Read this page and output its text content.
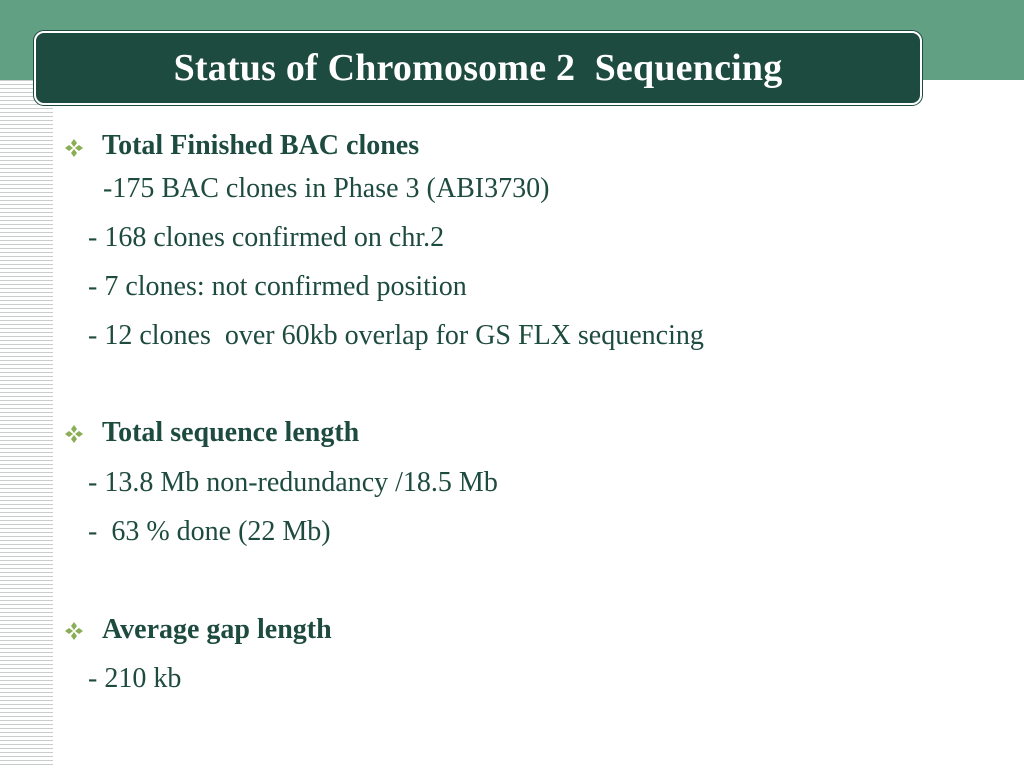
Status of Chromosome 2  Sequencing
Total Finished BAC clones
-175 BAC clones in Phase 3 (ABI3730)
- 168 clones confirmed on chr.2
- 7 clones: not confirmed position
- 12 clones  over 60kb overlap for GS FLX sequencing
Total sequence length
- 13.8 Mb non-redundancy /18.5 Mb
-  63 % done (22 Mb)
Average gap length
- 210 kb
